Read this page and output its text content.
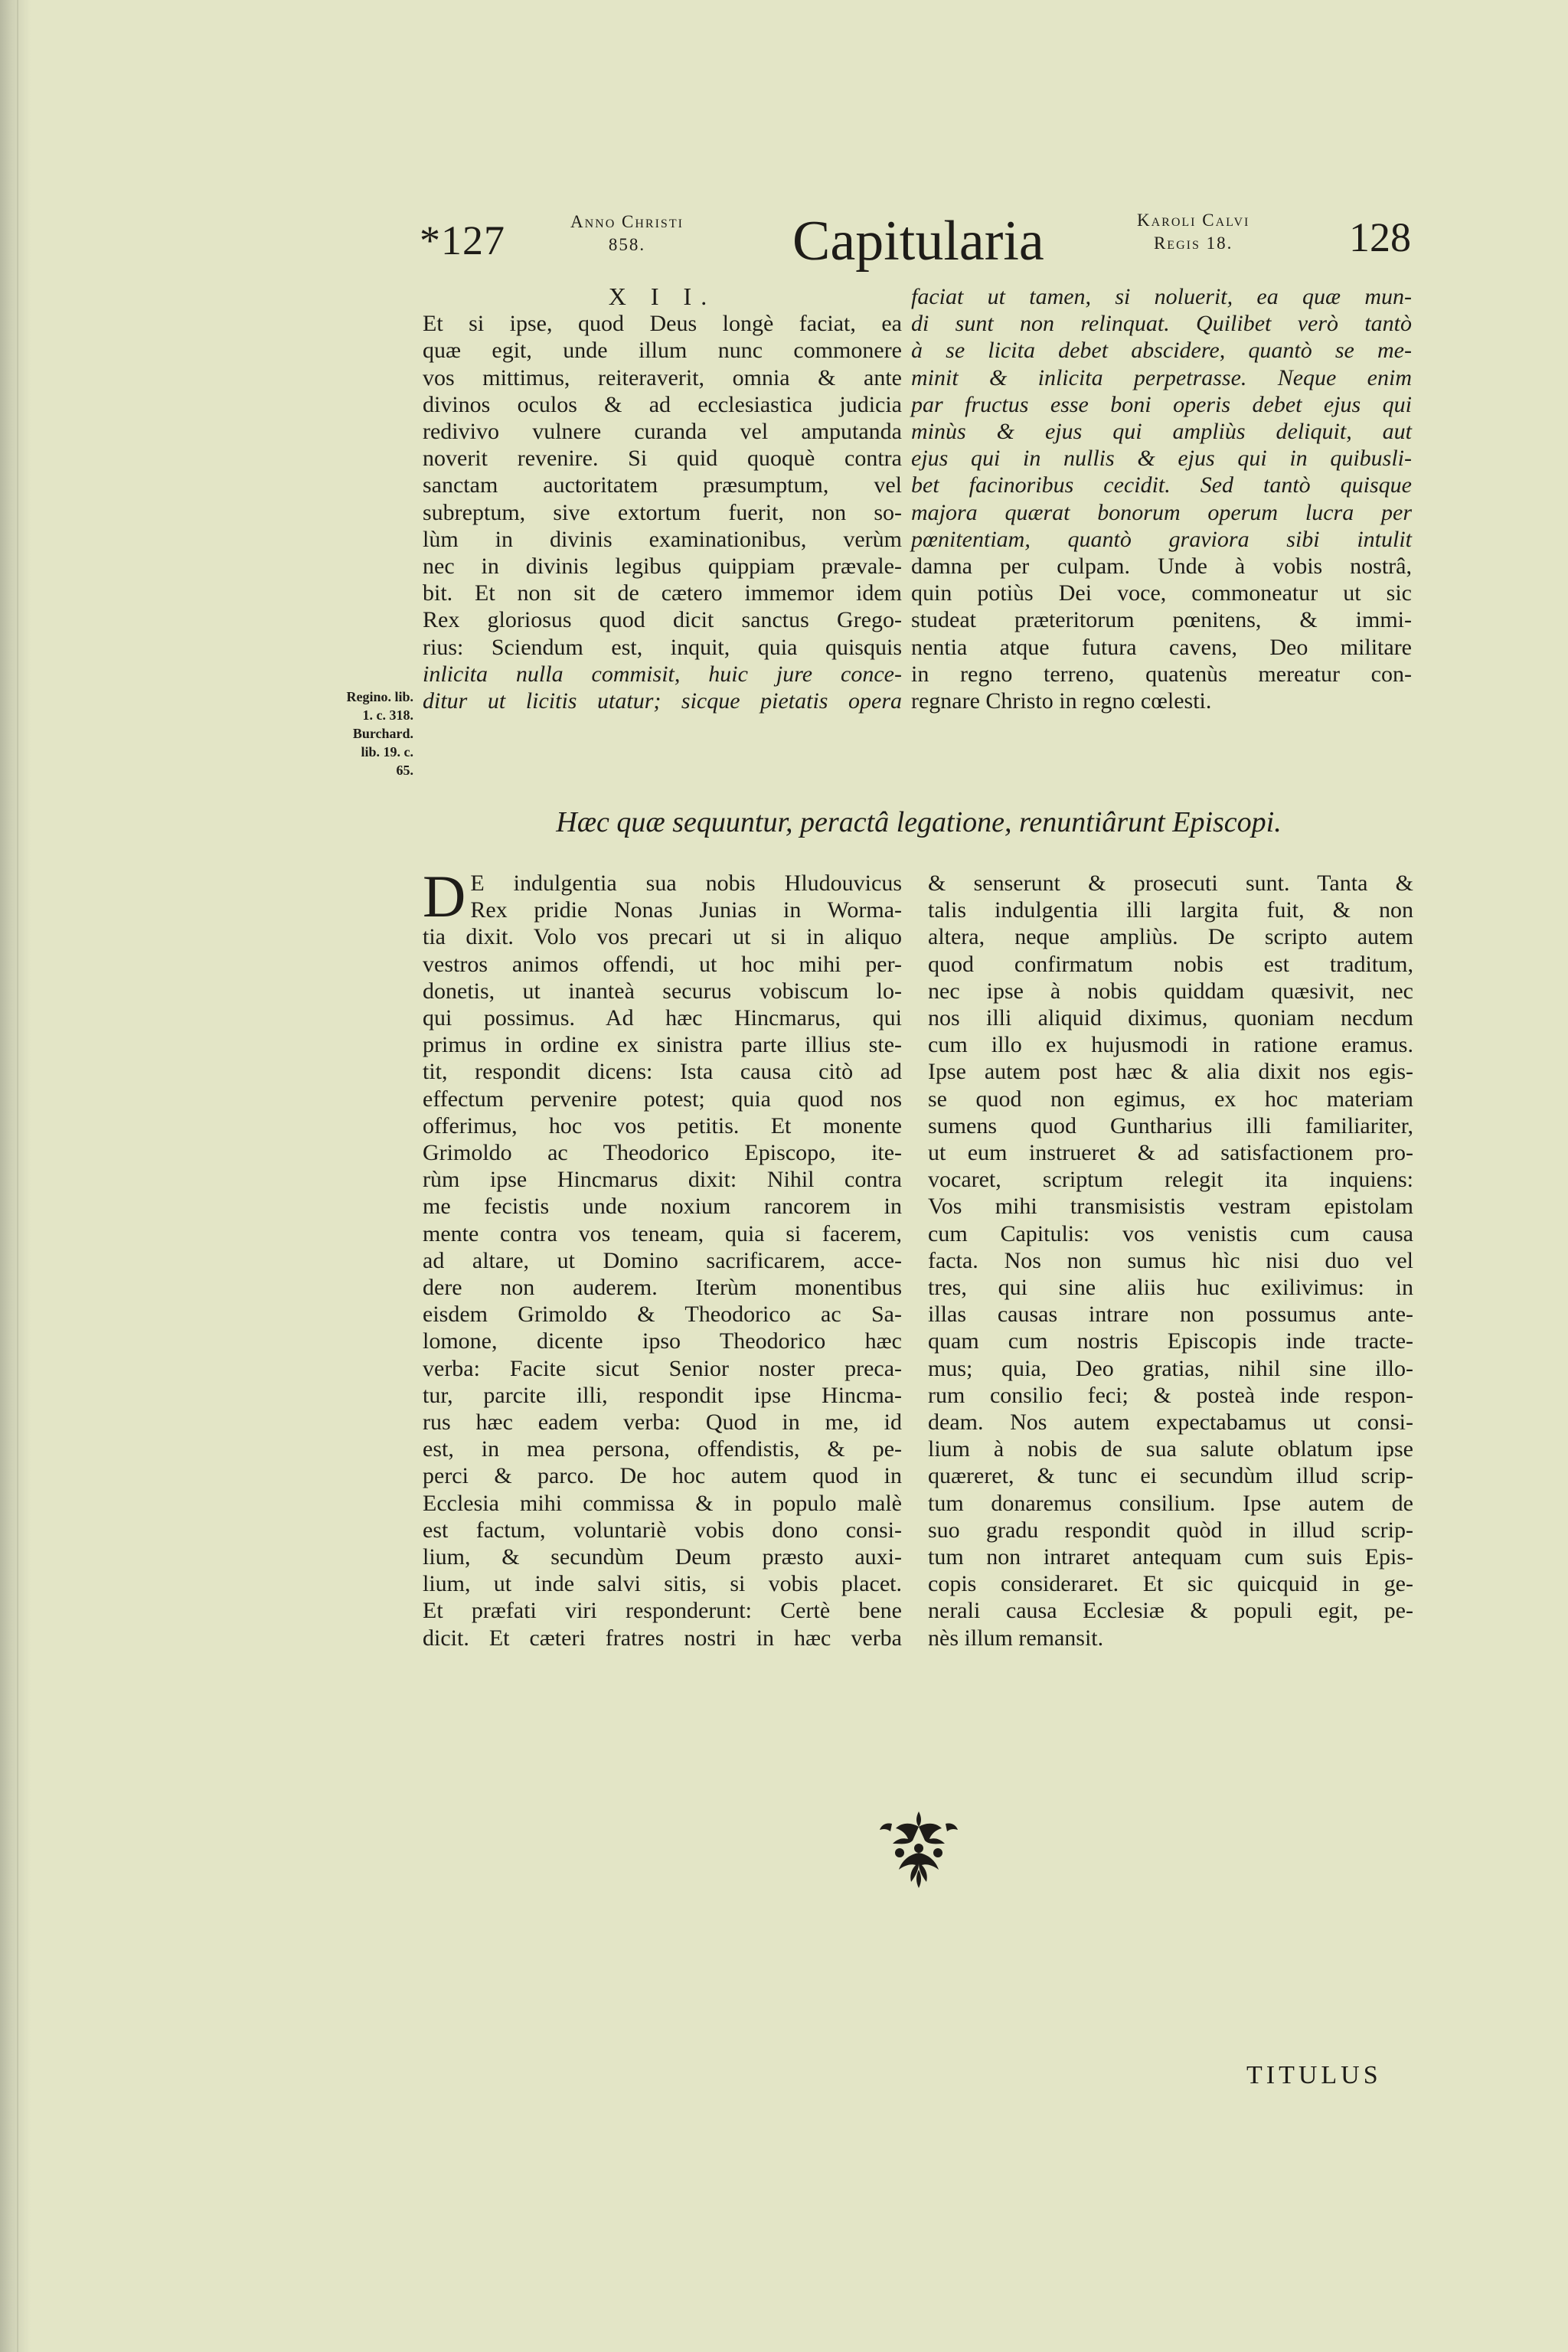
*127	Anno Christi
858.	Capitularia	Karoli Calvi
Regis 18.	128
Regino. lib.
1. c. 318.
Burchard.
lib. 19. c.
65.
X I I.
Et si ipse, quod Deus longè faciat, ea
quæ egit, unde illum nunc commonere
vos mittimus, reiteraverit, omnia & ante
divinos oculos & ad ecclesiastica judicia
redivivo vulnere curanda vel amputanda
noverit revenire. Si quid quoquè contra
sanctam auctoritatem præsumptum, vel
subreptum, sive extortum fuerit, non so-
lùm in divinis examinationibus, verùm
nec in divinis legibus quippiam prævale-
bit. Et non sit de cætero immemor idem
Rex gloriosus quod dicit sanctus Grego-
rius: Sciendum est, inquit, quia quisquis
inlicita nulla commisit, huic jure conce-
ditur ut licitis utatur; sicque pietatis opera
faciat ut tamen, si noluerit, ea quæ mun-
di sunt non relinquat. Quilibet verò tantò
à se licita debet abscidere, quantò se me-
minit & inlicita perpetrasse. Neque enim
par fructus esse boni operis debet ejus qui
minùs & ejus qui ampliùs deliquit, aut
ejus qui in nullis & ejus qui in quibusli-
bet facinoribus cecidit. Sed tantò quisque
majora quærat bonorum operum lucra per
pœnitentiam, quantò graviora sibi intulit
damna per culpam. Unde à vobis nostrâ,
quin potiùs Dei voce, commoneatur ut sic
studeat præteritorum pœnitens, & immi-
nentia atque futura cavens, Deo militare
in regno terreno, quatenùs mereatur con-
regnare Christo in regno cœlesti.
Hæc quæ sequuntur, peractâ legatione, renuntiârunt Episcopi.
D E indulgentia sua nobis Hludouvicus
Rex pridie Nonas Junias in Worma-
tia dixit. Volo vos precari ut si in aliquo
vestros animos offendi, ut hoc mihi per-
donetis, ut inanteà securus vobiscum lo-
qui possimus. Ad hæc Hincmarus, qui
primus in ordine ex sinistra parte illius ste-
tit, respondit dicens: Ista causa citò ad
effectum pervenire potest; quia quod nos
offerimus, hoc vos petitis. Et monente
Grimoldo ac Theodorico Episcopo, ite-
rùm ipse Hincmarus dixit: Nihil contra
me fecistis unde noxium rancorem in
mente contra vos teneam, quia si facerem,
ad altare, ut Domino sacrificarem, acce-
dere non auderem. Iterùm monentibus
eisdem Grimoldo & Theodorico ac Sa-
lomone, dicente ipso Theodorico hæc
verba: Facite sicut Senior noster preca-
tur, parcite illi, respondit ipse Hincma-
rus hæc eadem verba: Quod in me, id
est, in mea persona, offendistis, & pe-
perci & parco. De hoc autem quod in
Ecclesia mihi commissa & in populo malè
est factum, voluntariè vobis dono consi-
lium, & secundùm Deum præsto auxi-
lium, ut inde salvi sitis, si vobis placet.
Et præfati viri responderunt: Certè bene
dicit. Et cæteri fratres nostri in hæc verba
& senserunt & prosecuti sunt. Tanta &
talis indulgentia illi largita fuit, & non
altera, neque ampliùs. De scripto autem
quod confirmatum nobis est traditum,
nec ipse à nobis quiddam quæsivit, nec
nos illi aliquid diximus, quoniam necdum
cum illo ex hujusmodi in ratione eramus.
Ipse autem post hæc & alia dixit nos egis-
se quod non egimus, ex hoc materiam
sumens quod Guntharius illi familiariter,
ut eum instrueret & ad satisfactionem pro-
vocaret, scriptum relegit ita inquiens:
Vos mihi transmisistis vestram epistolam
cum Capitulis: vos venistis cum causa
facta. Nos non sumus hìc nisi duo vel
tres, qui sine aliis huc exilivimus: in
illas causas intrare non possumus ante-
quam cum nostris Episcopis inde tracte-
mus; quia, Deo gratias, nihil sine illo-
rum consilio feci; & posteà inde respon-
deam. Nos autem expectabamus ut consi-
lium à nobis de sua salute oblatum ipse
quæreret, & tunc ei secundùm illud scrip-
tum donaremus consilium. Ipse autem de
suo gradu respondit quòd in illud scrip-
tum non intraret antequam cum suis Epis-
copis consideraret. Et sic quicquid in ge-
nerali causa Ecclesiæ & populi egit, pe-
nès illum remansit.
TITULUS
